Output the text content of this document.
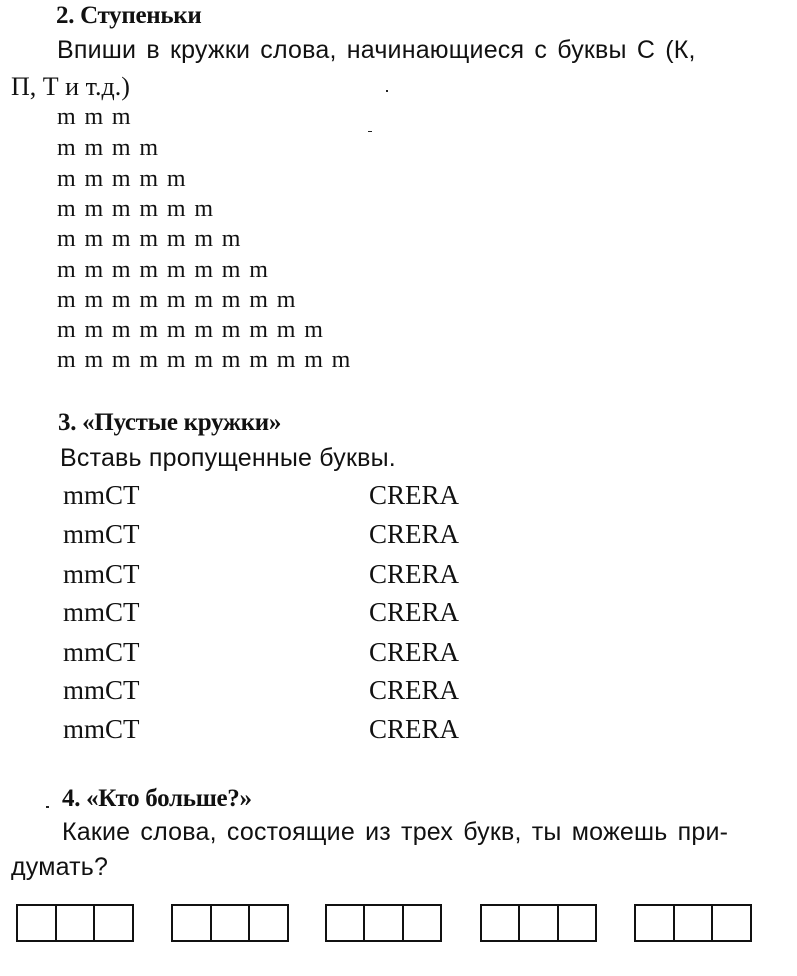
2. Ступеньки
Впиши в кружки слова, начинающиеся с буквы С (К,
П, Т и т.д.)
m m m
m m m m
m m m m m
m m m m m m
m m m m m m m
m m m m m m m m
m m m m m m m m m
m m m m m m m m m m
m m m m m m m m m m m
3. «Пустые кружки»
Вставь пропущенные буквы.
mmCT
mmCT
mmCT
mmCT
mmCT
mmCT
mmCT
CRERA
CRERA
CRERA
CRERA
CRERA
CRERA
CRERA
4. «Кто больше?»
Какие слова, состоящие из трех букв, ты можешь при-
думать?
